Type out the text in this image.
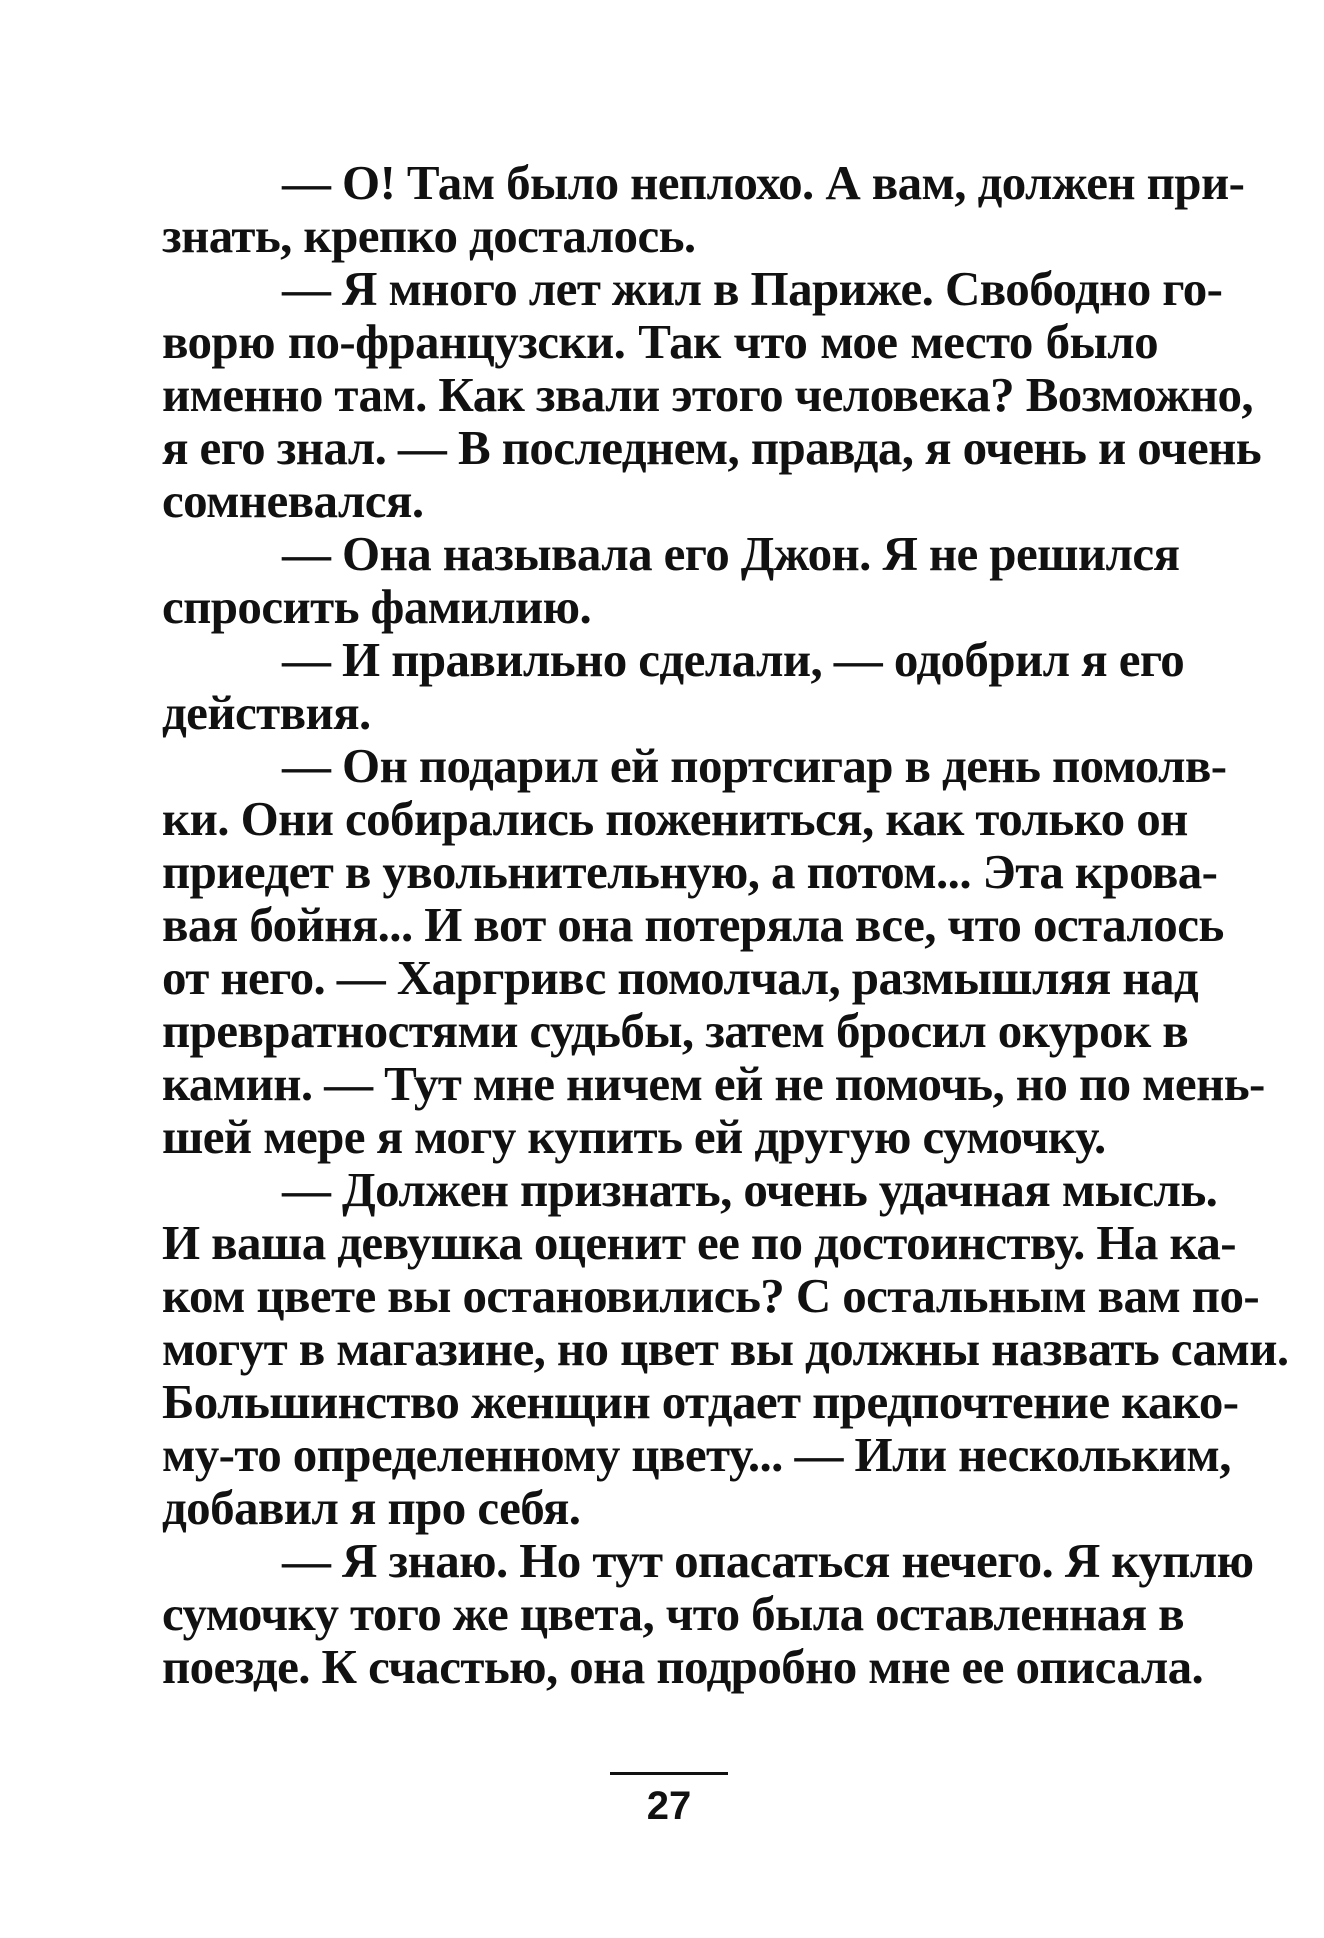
— О! Там было неплохо. А вам, должен при-
знать, крепко досталось.
— Я много лет жил в Париже. Свободно го-
ворю по-французски. Так что мое место было
именно там. Как звали этого человека? Возможно,
я его знал. — В последнем, правда, я очень и очень
сомневался.
— Она называла его Джон. Я не решился
спросить фамилию.
— И правильно сделали, — одобрил я его
действия.
— Он подарил ей портсигар в день помолв-
ки. Они собирались пожениться, как только он
приедет в увольнительную, а потом... Эта крова-
вая бойня... И вот она потеряла все, что осталось
от него. — Харгривс помолчал, размышляя над
превратностями судьбы, затем бросил окурок в
камин. — Тут мне ничем ей не помочь, но по мень-
шей мере я могу купить ей другую сумочку.
— Должен признать, очень удачная мысль.
И ваша девушка оценит ее по достоинству. На ка-
ком цвете вы остановились? С остальным вам по-
могут в магазине, но цвет вы должны назвать сами.
Большинство женщин отдает предпочтение како-
му-то определенному цвету... — Или нескольким,
добавил я про себя.
— Я знаю. Но тут опасаться нечего. Я куплю
сумочку того же цвета, что была оставленная в
поезде. К счастью, она подробно мне ее описала.
27
